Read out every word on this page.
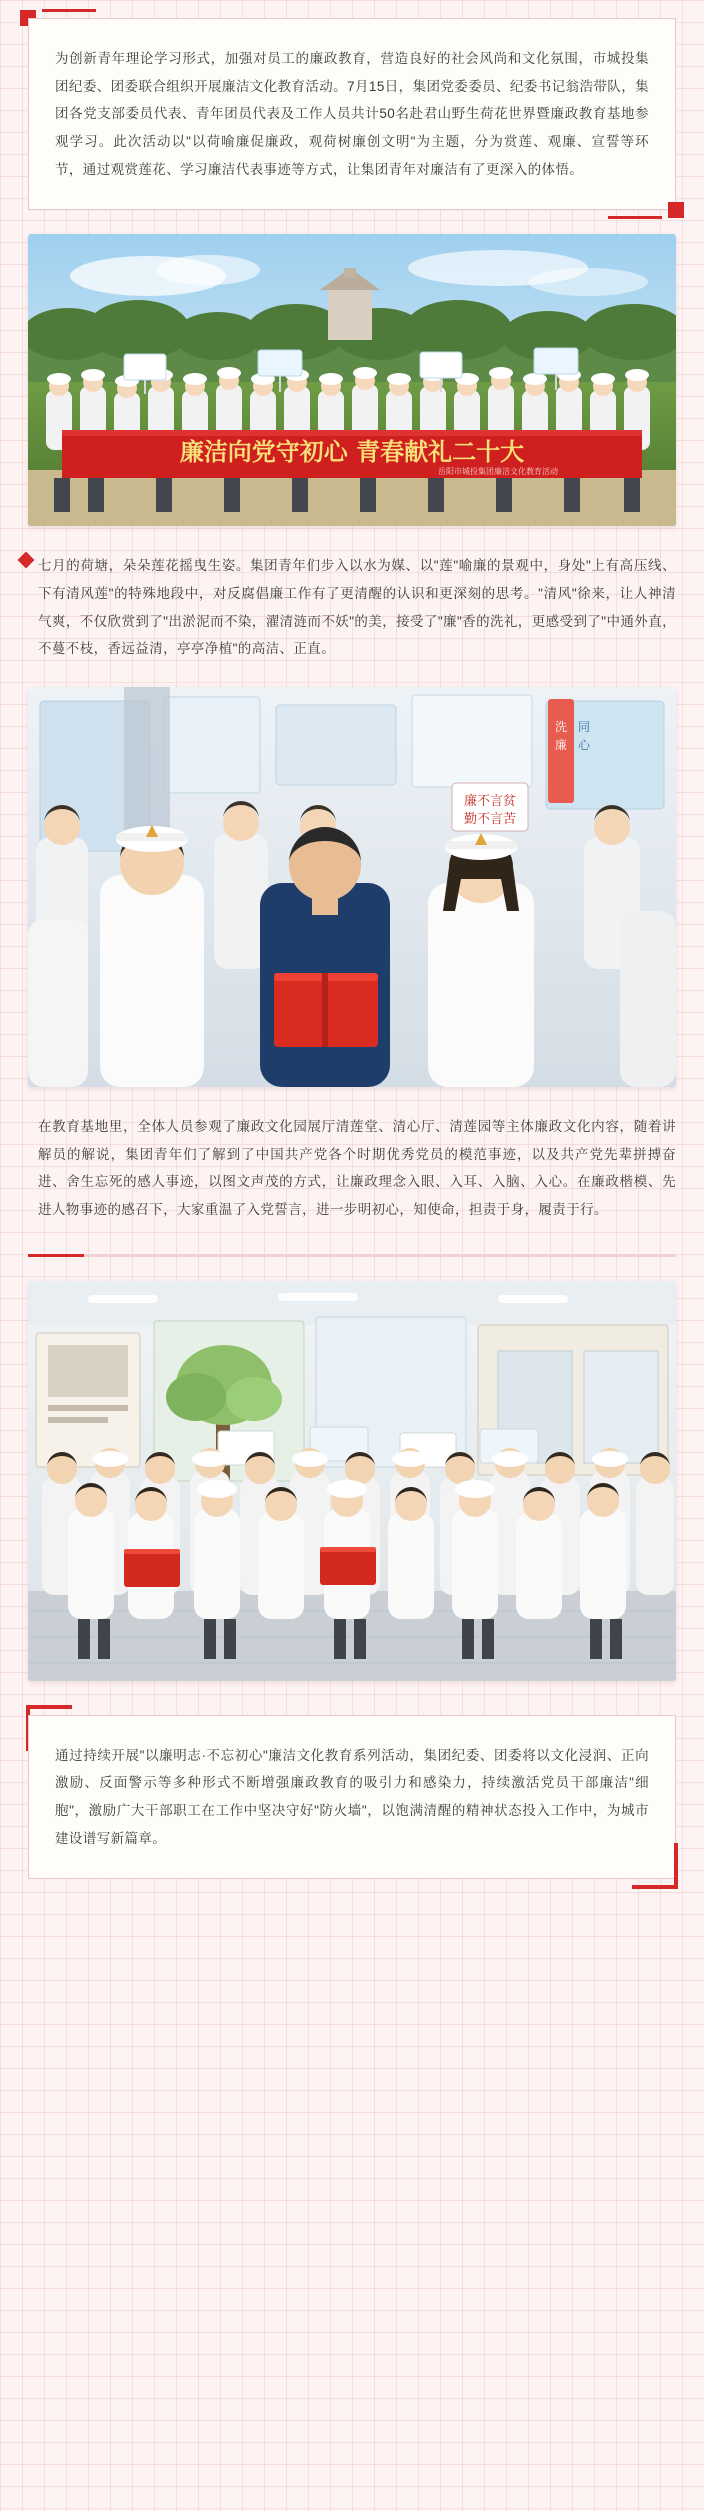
为创新青年理论学习形式，加强对员工的廉政教育，营造良好的社会风尚和文化氛围，市城投集团纪委、团委联合组织开展廉洁文化教育活动。7月15日，集团党委委员、纪委书记翁浩带队，集团各党支部委员代表、青年团员代表及工作人员共计50名赴君山野生荷花世界暨廉政教育基地参观学习。此次活动以"以荷喻廉促廉政，观荷树廉创文明"为主题，分为赏莲、观廉、宣誓等环节，通过观赏莲花、学习廉洁代表事迹等方式，让集团青年对廉洁有了更深入的体悟。

廉洁向党守初心 青春献礼二十大
岳阳市城投集团廉洁文化教育活动

七月的荷塘，朵朵莲花摇曳生姿。集团青年们步入以水为媒、以"莲"喻廉的景观中，身处"上有高压线、下有清风莲"的特殊地段中，对反腐倡廉工作有了更清醒的认识和更深刻的思考。"清风"徐来，让人神清气爽，不仅欣赏到了"出淤泥而不染，濯清涟而不妖"的美，接受了"廉"香的洗礼，更感受到了"中通外直，不蔓不枝，香远益清，亭亭净植"的高洁、正直。

洗
廉
同
心
廉不言贫
勤不言苦

在教育基地里，全体人员参观了廉政文化园展厅清莲堂、清心厅、清莲园等主体廉政文化内容，随着讲解员的解说，集团青年们了解到了中国共产党各个时期优秀党员的模范事迹，以及共产党先辈拼搏奋进、舍生忘死的感人事迹，以图文声茂的方式，让廉政理念入眼、入耳、入脑、入心。在廉政楷模、先进人物事迹的感召下，大家重温了入党誓言，进一步明初心，知使命，担责于身，履责于行。

通过持续开展"以廉明志·不忘初心"廉洁文化教育系列活动，集团纪委、团委将以文化浸润、正向激励、反面警示等多种形式不断增强廉政教育的吸引力和感染力，持续激活党员干部廉洁"细胞"，激励广大干部职工在工作中坚决守好"防火墙"，以饱满清醒的精神状态投入工作中，为城市建设谱写新篇章。
